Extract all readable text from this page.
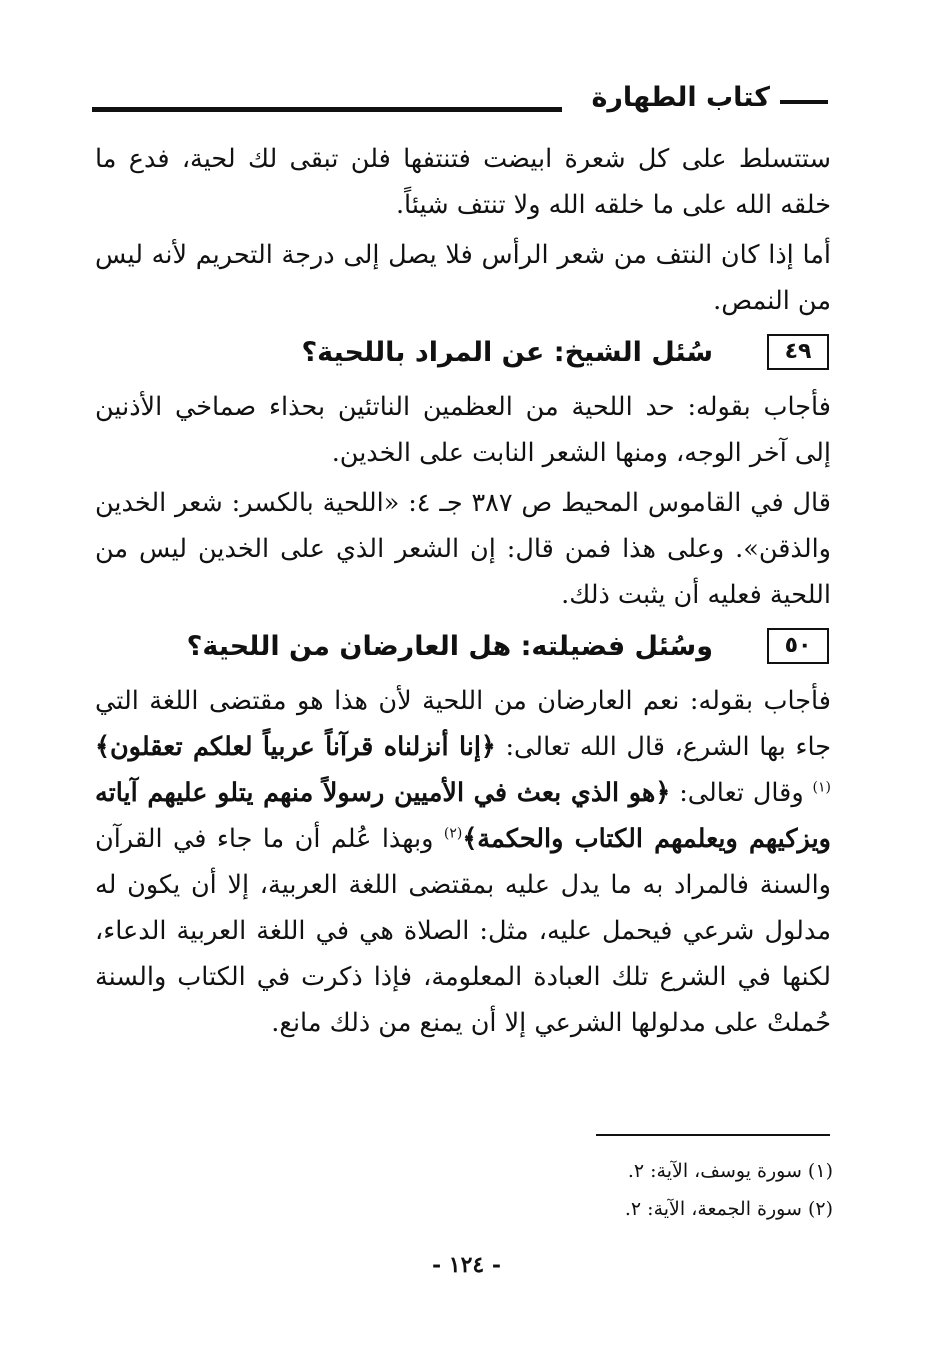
كتاب الطهارة

ستتسلط على كل شعرة ابيضت فتنتفها فلن تبقى لك لحية، فدع ما خلقه الله على ما خلقه الله ولا تنتف شيئاً.

أما إذا كان النتف من شعر الرأس فلا يصل إلى درجة التحريم لأنه ليس من النمص.

٤٩
سُئل الشيخ: عن المراد باللحية؟

فأجاب بقوله: حد اللحية من العظمين الناتئين بحذاء صماخي الأذنين إلى آخر الوجه، ومنها الشعر النابت على الخدين.

قال في القاموس المحيط ص ٣٨٧ جـ ٤: «اللحية بالكسر: شعر الخدين والذقن». وعلى هذا فمن قال: إن الشعر الذي على الخدين ليس من اللحية فعليه أن يثبت ذلك.

٥٠
وسُئل فضيلته: هل العارضان من اللحية؟

فأجاب بقوله: نعم العارضان من اللحية لأن هذا هو مقتضى اللغة التي جاء بها الشرع، قال الله تعالى: ﴿إنا أنزلناه قرآناً عربياً لعلكم تعقلون﴾$^{(١)}$ وقال تعالى: ﴿هو الذي بعث في الأميين رسولاً منهم يتلو عليهم آياته ويزكيهم ويعلمهم الكتاب والحكمة﴾$^{(٢)}$ وبهذا عُلم أن ما جاء في القرآن والسنة فالمراد به ما يدل عليه بمقتضى اللغة العربية، إلا أن يكون له مدلول شرعي فيحمل عليه، مثل: الصلاة هي في اللغة العربية الدعاء، لكنها في الشرع تلك العبادة المعلومة، فإذا ذكرت في الكتاب والسنة حُملتْ على مدلولها الشرعي إلا أن يمنع من ذلك مانع.

(١) سورة يوسف، الآية: ٢.
(٢) سورة الجمعة، الآية: ٢.
- ١٢٤ -
